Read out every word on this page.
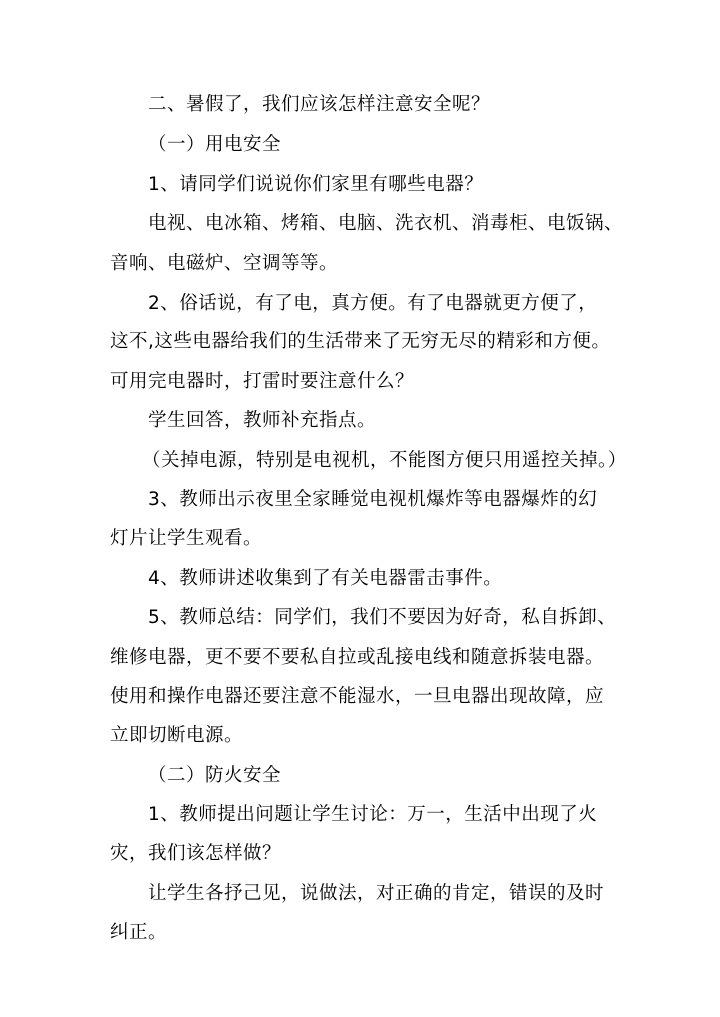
二、暑假了，我们应该怎样注意安全呢？
（一）用电安全
1、请同学们说说你们家里有哪些电器？
电视、电冰箱、烤箱、电脑、洗衣机、消毒柜、电饭锅、
音响、电磁炉、空调等等。
2、俗话说，有了电，真方便。有了电器就更方便了，
这不,这些电器给我们的生活带来了无穷无尽的精彩和方便。
可用完电器时，打雷时要注意什么？
学生回答，教师补充指点。
（关掉电源，特别是电视机，不能图方便只用遥控关掉。）
3、教师出示夜里全家睡觉电视机爆炸等电器爆炸的幻
灯片让学生观看。
4、教师讲述收集到了有关电器雷击事件。
5、教师总结：同学们，我们不要因为好奇，私自拆卸、
维修电器，更不要不要私自拉或乱接电线和随意拆装电器。
使用和操作电器还要注意不能湿水，一旦电器出现故障，应
立即切断电源。
（二）防火安全
1、教师提出问题让学生讨论：万一，生活中出现了火
灾，我们该怎样做？
让学生各抒己见，说做法，对正确的肯定，错误的及时
纠正。
